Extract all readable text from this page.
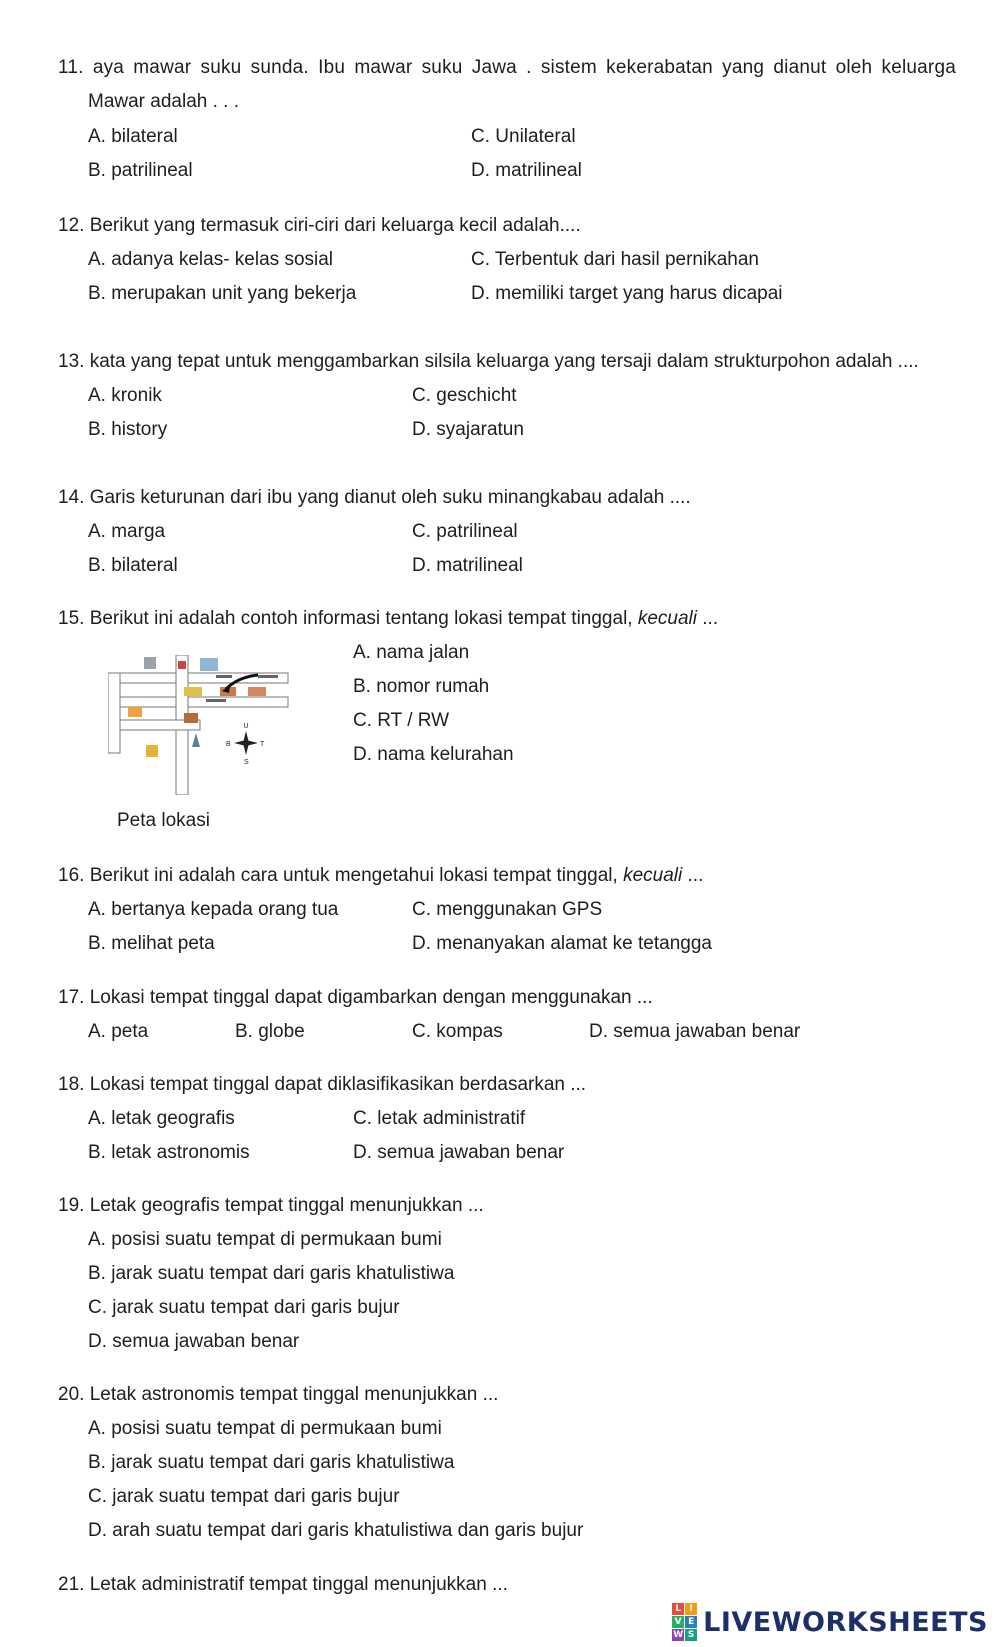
11. aya mawar suku sunda. Ibu mawar suku Jawa . sistem kekerabatan yang dianut oleh keluarga
Mawar adalah . . .
A. bilateral
B. patrilineal
C. Unilateral
D. matrilineal
12. Berikut yang termasuk ciri-ciri dari keluarga kecil adalah....
A. adanya kelas- kelas sosial
B. merupakan unit yang bekerja
C. Terbentuk dari hasil pernikahan
D. memiliki target yang harus dicapai
13. kata yang tepat untuk menggambarkan silsila keluarga yang tersaji dalam strukturpohon adalah ....
A. kronik
B. history
C. geschicht
D. syajaratun
14. Garis keturunan dari ibu yang dianut oleh suku minangkabau adalah ....
A. marga
B. bilateral
C. patrilineal
D. matrilineal
15. Berikut ini adalah contoh informasi tentang lokasi tempat tinggal, kecuali ...
A. nama jalan
B. nomor rumah
C. RT / RW
D. nama kelurahan
U
S
B	T
Peta lokasi
16. Berikut ini adalah cara untuk mengetahui lokasi tempat tinggal, kecuali ...
A. bertanya kepada orang tua
B. melihat peta
C. menggunakan GPS
D. menanyakan alamat ke tetangga
17. Lokasi tempat tinggal dapat digambarkan dengan menggunakan ...
A. peta	B. globe	C. kompas	D. semua jawaban benar
18. Lokasi tempat tinggal dapat diklasifikasikan berdasarkan ...
A. letak geografis
B. letak astronomis
C. letak administratif
D. semua jawaban benar
19. Letak geografis tempat tinggal menunjukkan ...
A. posisi suatu tempat di permukaan bumi
B. jarak suatu tempat dari garis khatulistiwa
C. jarak suatu tempat dari garis bujur
D. semua jawaban benar
20. Letak astronomis tempat tinggal menunjukkan ...
A. posisi suatu tempat di permukaan bumi
B. jarak suatu tempat dari garis khatulistiwa
C. jarak suatu tempat dari garis bujur
D. arah suatu tempat dari garis khatulistiwa dan garis bujur
21. Letak administratif tempat tinggal menunjukkan ...
L I
V E
W S LIVEWORKSHEETS
